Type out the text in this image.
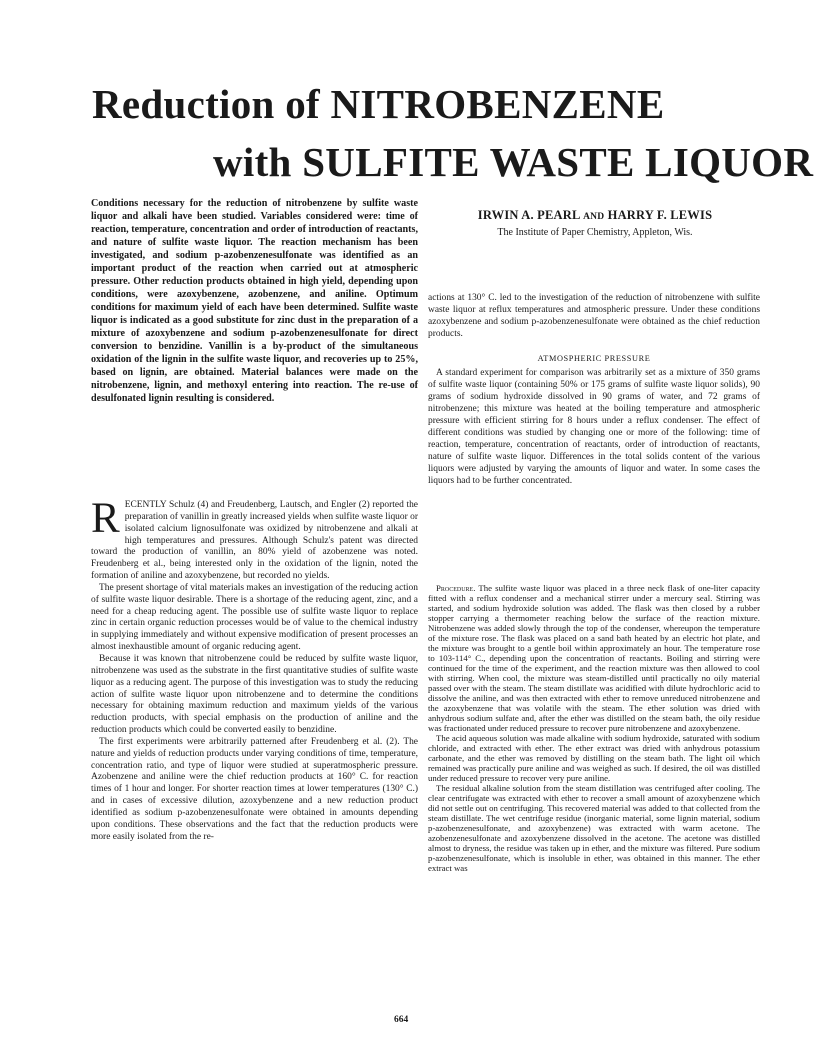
Reduction of NITROBENZENE
with SULFITE WASTE LIQUOR

Conditions necessary for the reduction of nitrobenzene by sulfite waste liquor and alkali have been studied. Variables considered were: time of reaction, temperature, concentration and order of introduction of reactants, and nature of sulfite waste liquor. The reaction mechanism has been investigated, and sodium p-azobenzenesulfonate was identified as an important product of the reaction when carried out at atmospheric pressure. Other reduction products obtained in high yield, depending upon conditions, were azoxybenzene, azobenzene, and aniline. Optimum conditions for maximum yield of each have been determined. Sulfite waste liquor is indicated as a good substitute for zinc dust in the preparation of a mixture of azoxybenzene and sodium p-azobenzenesulfonate for direct conversion to benzidine. Vanillin is a by-product of the simultaneous oxidation of the lignin in the sulfite waste liquor, and recoveries up to 25%, based on lignin, are obtained. Material balances were made on the nitrobenzene, lignin, and methoxyl entering into reaction. The re-use of desulfonated lignin resulting is considered.

IRWIN A. PEARL AND HARRY F. LEWIS

The Institute of Paper Chemistry, Appleton, Wis.

RECENTLY Schulz (4) and Freudenberg, Lautsch, and Engler (2) reported the preparation of vanillin in greatly increased yields when sulfite waste liquor or isolated calcium lignosulfonate was oxidized by nitrobenzene and alkali at high temperatures and pressures. Although Schulz's patent was directed toward the production of vanillin, an 80% yield of azobenzene was noted. Freudenberg et al., being interested only in the oxidation of the lignin, noted the formation of aniline and azoxybenzene, but recorded no yields.

The present shortage of vital materials makes an investigation of the reducing action of sulfite waste liquor desirable. There is a shortage of the reducing agent, zinc, and a need for a cheap reducing agent. The possible use of sulfite waste liquor to replace zinc in certain organic reduction processes would be of value to the chemical industry in supplying immediately and without expensive modification of present processes an almost inexhaustible amount of organic reducing agent.

Because it was known that nitrobenzene could be reduced by sulfite waste liquor, nitrobenzene was used as the substrate in the first quantitative studies of sulfite waste liquor as a reducing agent. The purpose of this investigation was to study the reducing action of sulfite waste liquor upon nitrobenzene and to determine the conditions necessary for obtaining maximum reduction and maximum yields of the various reduction products, with special emphasis on the production of aniline and the reduction products which could be converted easily to benzidine.

The first experiments were arbitrarily patterned after Freudenberg et al. (2). The nature and yields of reduction products under varying conditions of time, temperature, concentration ratio, and type of liquor were studied at superatmospheric pressure. Azobenzene and aniline were the chief reduction products at 160° C. for reaction times of 1 hour and longer. For shorter reaction times at lower temperatures (130° C.) and in cases of excessive dilution, azoxybenzene and a new reduction product identified as sodium p-azobenzenesulfonate were obtained in amounts depending upon conditions. These observations and the fact that the reduction products were more easily isolated from the re-

actions at 130° C. led to the investigation of the reduction of nitrobenzene with sulfite waste liquor at reflux temperatures and atmospheric pressure. Under these conditions azoxybenzene and sodium p-azobenzenesulfonate were obtained as the chief reduction products.

ATMOSPHERIC PRESSURE

A standard experiment for comparison was arbitrarily set as a mixture of 350 grams of sulfite waste liquor (containing 50% or 175 grams of sulfite waste liquor solids), 90 grams of sodium hydroxide dissolved in 90 grams of water, and 72 grams of nitrobenzene; this mixture was heated at the boiling temperature and atmospheric pressure with efficient stirring for 8 hours under a reflux condenser. The effect of different conditions was studied by changing one or more of the following: time of reaction, temperature, concentration of reactants, order of introduction of reactants, nature of sulfite waste liquor. Differences in the total solids content of the various liquors were adjusted by varying the amounts of liquor and water. In some cases the liquors had to be further concentrated.

Procedure. The sulfite waste liquor was placed in a three neck flask of one-liter capacity fitted with a reflux condenser and a mechanical stirrer under a mercury seal. Stirring was started, and sodium hydroxide solution was added. The flask was then closed by a rubber stopper carrying a thermometer reaching below the surface of the reaction mixture. Nitrobenzene was added slowly through the top of the condenser, whereupon the temperature of the mixture rose. The flask was placed on a sand bath heated by an electric hot plate, and the mixture was brought to a gentle boil within approximately an hour. The temperature rose to 103-114° C., depending upon the concentration of reactants. Boiling and stirring were continued for the time of the experiment, and the reaction mixture was then allowed to cool with stirring. When cool, the mixture was steam-distilled until practically no oily material passed over with the steam. The steam distillate was acidified with dilute hydrochloric acid to dissolve the aniline, and was then extracted with ether to remove unreduced nitrobenzene and the azoxybenzene that was volatile with the steam. The ether solution was dried with anhydrous sodium sulfate and, after the ether was distilled on the steam bath, the oily residue was fractionated under reduced pressure to recover pure nitrobenzene and azoxybenzene.

The acid aqueous solution was made alkaline with sodium hydroxide, saturated with sodium chloride, and extracted with ether. The ether extract was dried with anhydrous potassium carbonate, and the ether was removed by distilling on the steam bath. The light oil which remained was practically pure aniline and was weighed as such. If desired, the oil was distilled under reduced pressure to recover very pure aniline.

The residual alkaline solution from the steam distillation was centrifuged after cooling. The clear centrifugate was extracted with ether to recover a small amount of azoxybenzene which did not settle out on centrifuging. This recovered material was added to that collected from the steam distillate. The wet centrifuge residue (inorganic material, some lignin material, sodium p-azobenzenesulfonate, and azoxybenzene) was extracted with warm acetone. The azobenzenesulfonate and azoxybenzene dissolved in the acetone. The acetone was distilled almost to dryness, the residue was taken up in ether, and the mixture was filtered. Pure sodium p-azobenzenesulfonate, which is insoluble in ether, was obtained in this manner. The ether extract was

664
